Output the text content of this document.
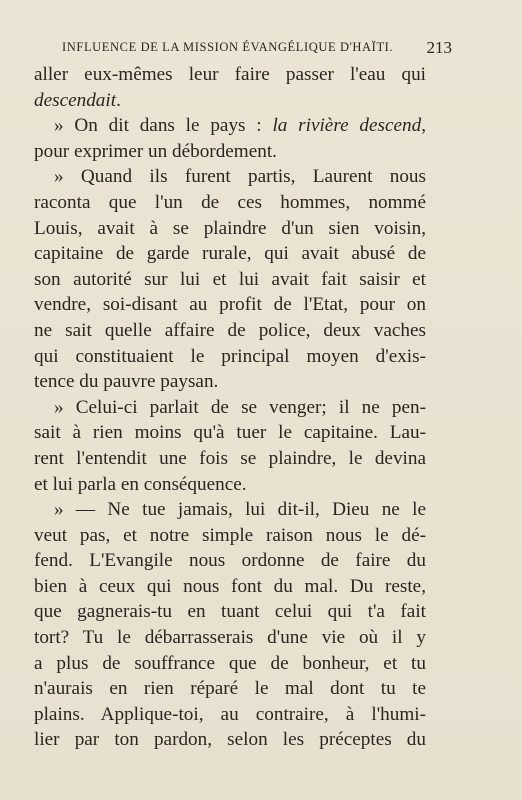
INFLUENCE DE LA MISSION ÉVANGÉLIQUE D'HAÏTI. 213
aller eux-mêmes leur faire passer l'eau qui
descendait.
» On dit dans le pays : la rivière descend,
pour exprimer un débordement.
» Quand ils furent partis, Laurent nous
raconta que l'un de ces hommes, nommé
Louis, avait à se plaindre d'un sien voisin,
capitaine de garde rurale, qui avait abusé de
son autorité sur lui et lui avait fait saisir et
vendre, soi-disant au profit de l'Etat, pour on
ne sait quelle affaire de police, deux vaches
qui constituaient le principal moyen d'exis-
tence du pauvre paysan.
» Celui-ci parlait de se venger; il ne pen-
sait à rien moins qu'à tuer le capitaine. Lau-
rent l'entendit une fois se plaindre, le devina
et lui parla en conséquence.
» — Ne tue jamais, lui dit-il, Dieu ne le
veut pas, et notre simple raison nous le dé-
fend. L'Evangile nous ordonne de faire du
bien à ceux qui nous font du mal. Du reste,
que gagnerais-tu en tuant celui qui t'a fait
tort? Tu le débarrasserais d'une vie où il y
a plus de souffrance que de bonheur, et tu
n'aurais en rien réparé le mal dont tu te
plains. Applique-toi, au contraire, à l'humi-
lier par ton pardon, selon les préceptes du
